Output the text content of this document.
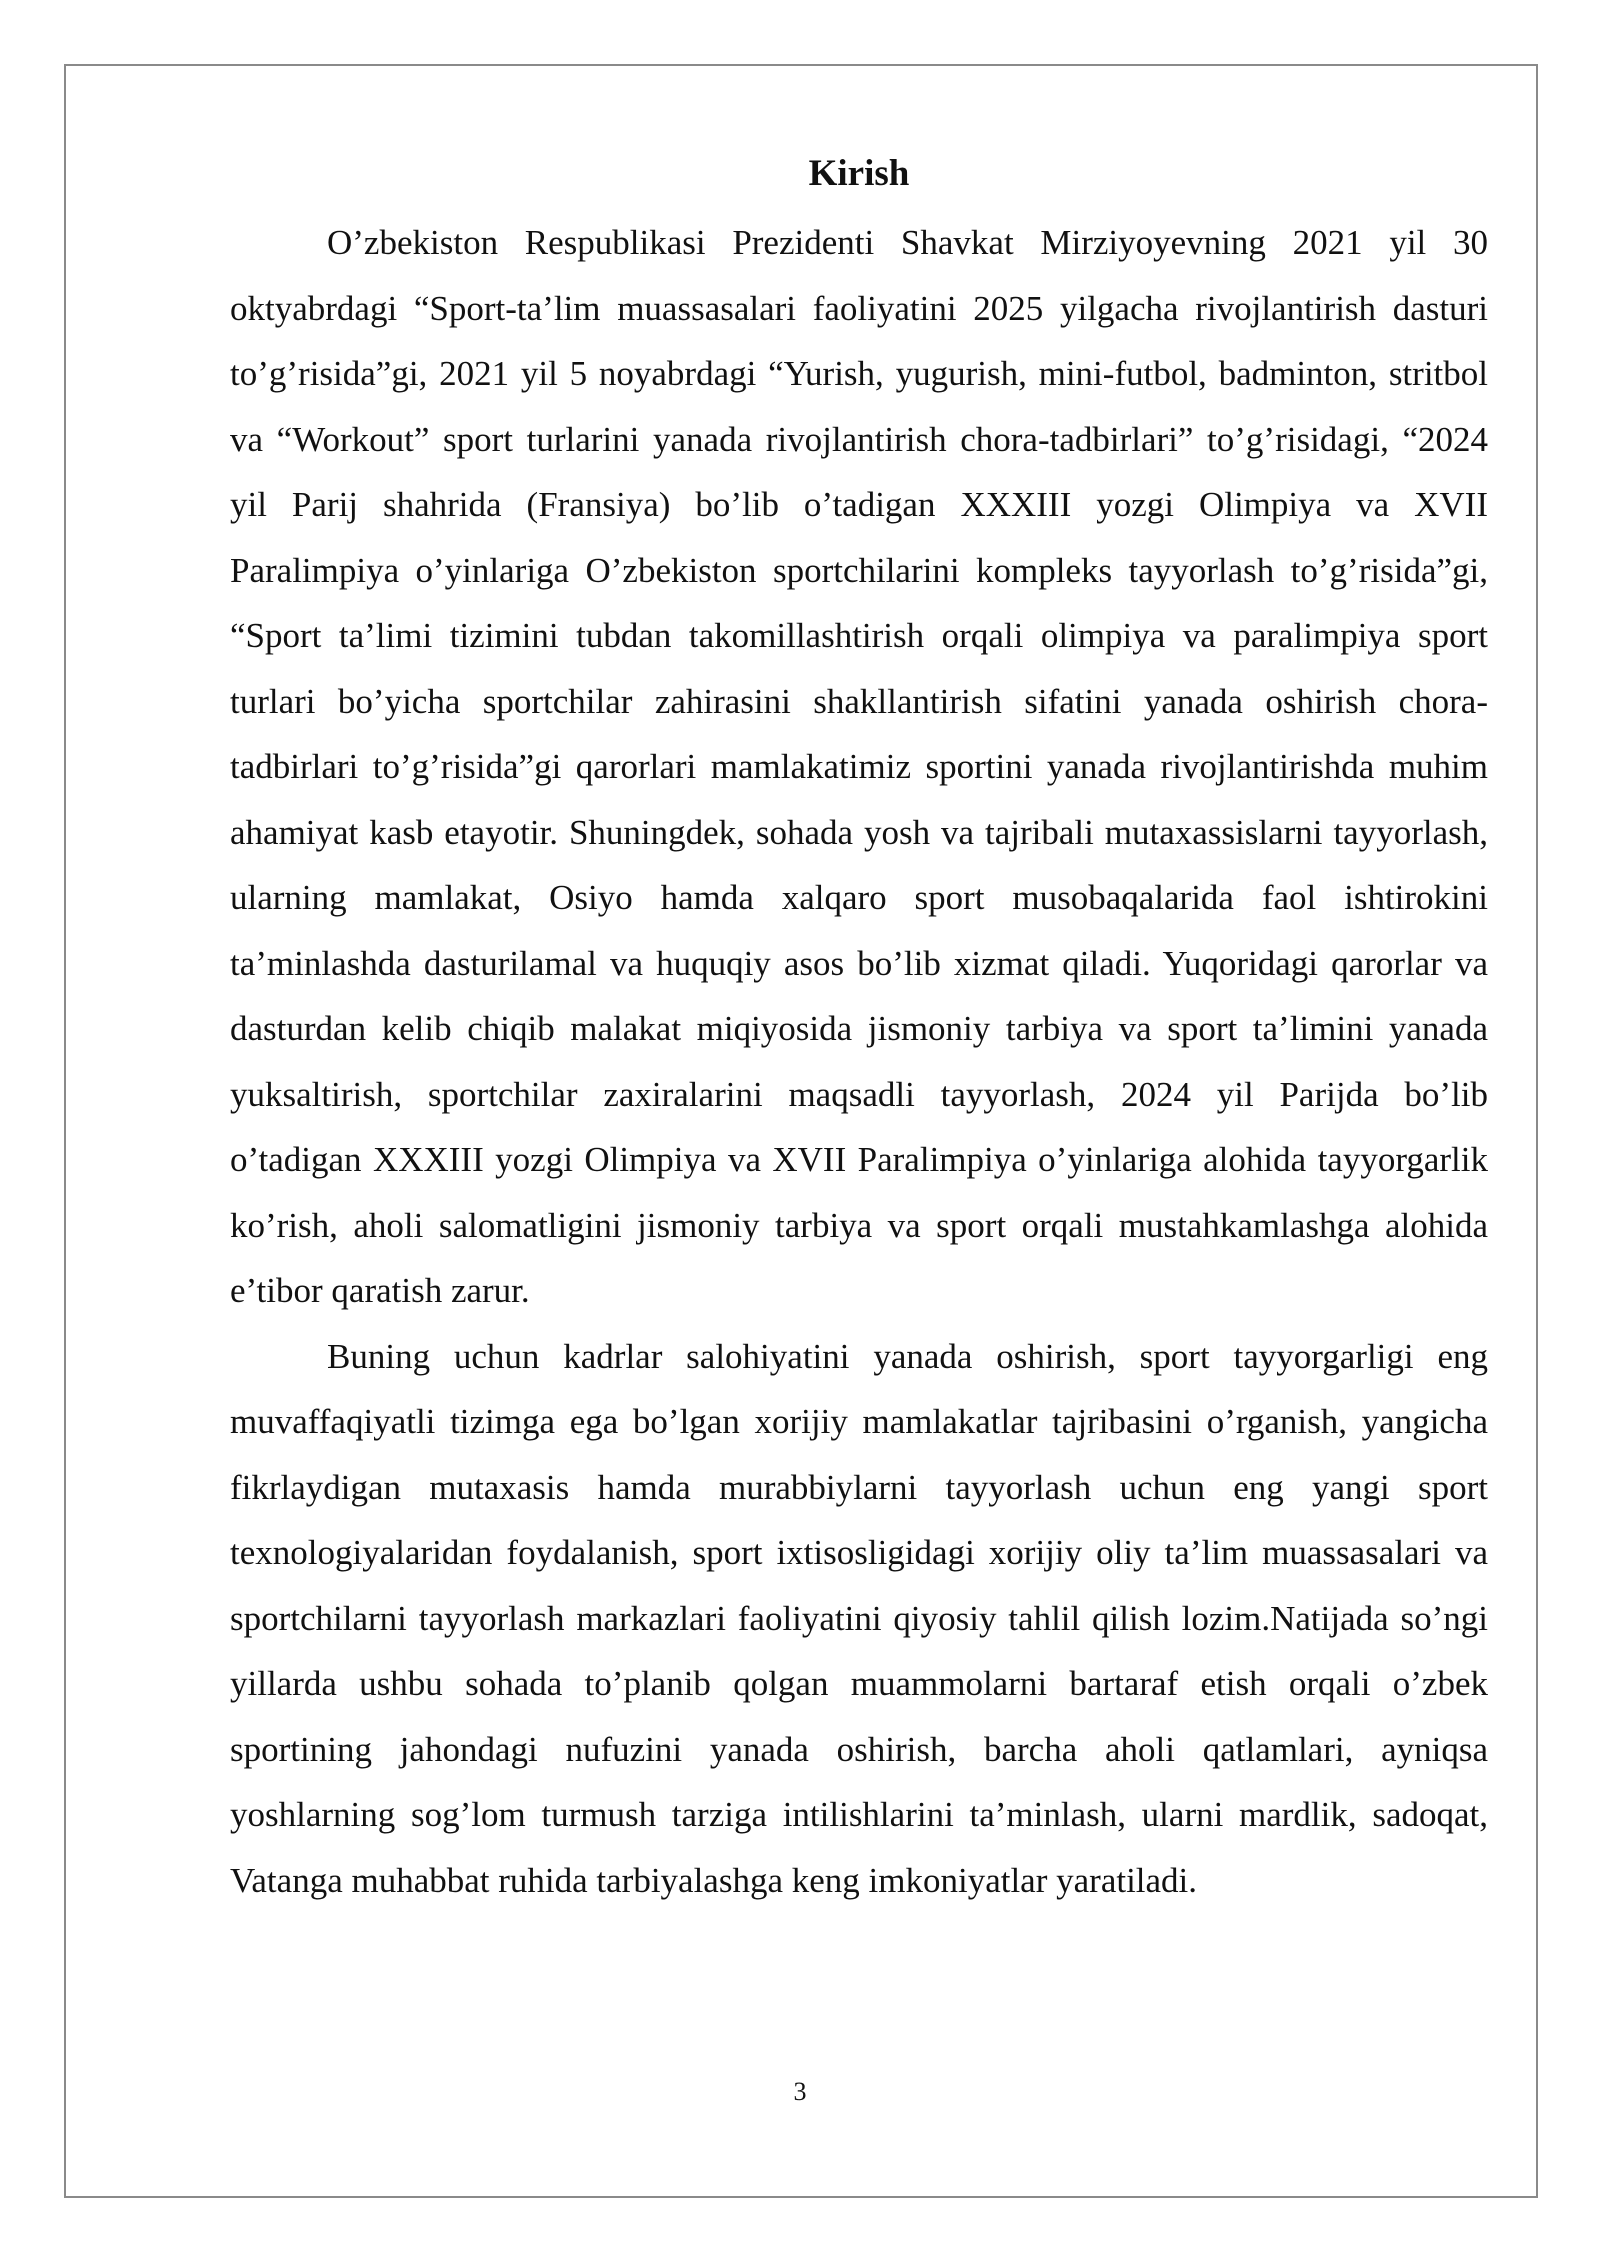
Kirish

O’zbekiston Respublikasi Prezidenti Shavkat Mirziyoyevning 2021 yil 30 oktyabrdagi “Sport-ta’lim muassasalari faoliyatini 2025 yilgacha rivojlantirish dasturi to’g’risida”gi, 2021 yil 5 noyabrdagi “Yurish, yugurish, mini-futbol, badminton, stritbol va “Workout” sport turlarini yanada rivojlantirish chora-tadbirlari” to’g’risidagi, “2024 yil Parij shahrida (Fransiya) bo’lib o’tadigan XXXIII yozgi Olimpiya va XVII Paralimpiya o’yinlariga O’zbekiston sportchilarini kompleks tayyorlash to’g’risida”gi, “Sport ta’limi tizimini tubdan takomillashtirish orqali olimpiya va paralimpiya sport turlari bo’yicha sportchilar zahirasini shakllantirish sifatini yanada oshirish chora-tadbirlari to’g’risida”gi qarorlari mamlakatimiz sportini yanada rivojlantirishda muhim ahamiyat kasb etayotir. Shuningdek, sohada yosh va tajribali mutaxassislarni tayyorlash, ularning mamlakat, Osiyo hamda xalqaro sport musobaqalarida faol ishtirokini ta’minlashda dasturilamal va huquqiy asos bo’lib xizmat qiladi. Yuqoridagi qarorlar va dasturdan kelib chiqib malakat miqiyosida jismoniy tarbiya va sport ta’limini yanada yuksaltirish, sportchilar zaxiralarini maqsadli tayyorlash, 2024 yil Parijda bo’lib o’tadigan XXXIII yozgi Olimpiya va XVII Paralimpiya o’yinlariga alohida tayyorgarlik ko’rish, aholi salomatligini jismoniy tarbiya va sport orqali mustahkamlashga alohida e’tibor qaratish zarur.

Buning uchun kadrlar salohiyatini yanada oshirish, sport tayyorgarligi eng muvaffaqiyatli tizimga ega bo’lgan xorijiy mamlakatlar tajribasini o’rganish, yangicha fikrlaydigan mutaxasis hamda murabbiylarni tayyorlash uchun eng yangi sport texnologiyalaridan foydalanish, sport ixtisosligidagi xorijiy oliy ta’lim muassasalari va sportchilarni tayyorlash markazlari faoliyatini qiyosiy tahlil qilish lozim.Natijada so’ngi yillarda ushbu sohada to’planib qolgan muammolarni bartaraf etish orqali o’zbek sportining jahondagi nufuzini yanada oshirish, barcha aholi qatlamlari, ayniqsa yoshlarning sog’lom turmush tarziga intilishlarini ta’minlash, ularni mardlik, sadoqat, Vatanga muhabbat ruhida tarbiyalashga keng imkoniyatlar yaratiladi.

3
